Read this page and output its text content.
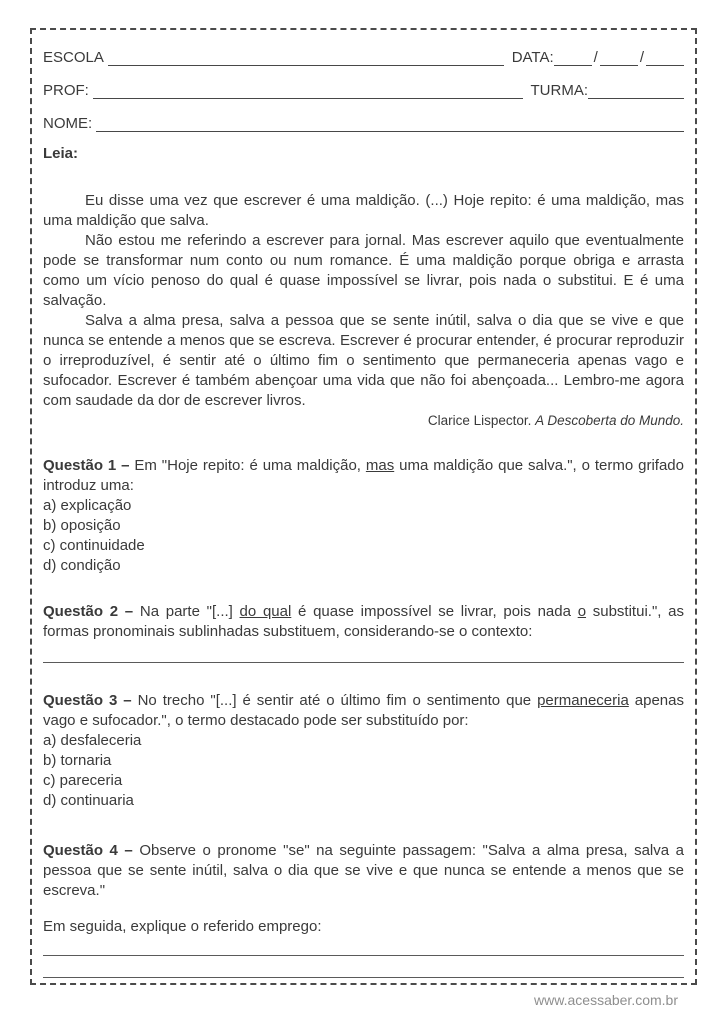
ESCOLA	DATA:	/	/
PROF:	TURMA:
NOME:

Leia:

Eu disse uma vez que escrever é uma maldição. (...) Hoje repito: é uma maldição, mas uma maldição que salva.

Não estou me referindo a escrever para jornal. Mas escrever aquilo que eventualmente pode se transformar num conto ou num romance. É uma maldição porque obriga e arrasta como um vício penoso do qual é quase impossível se livrar, pois nada o substitui. E é uma salvação.

Salva a alma presa, salva a pessoa que se sente inútil, salva o dia que se vive e que nunca se entende a menos que se escreva. Escrever é procurar entender, é procurar reproduzir o irreproduzível, é sentir até o último fim o sentimento que permaneceria apenas vago e sufocador. Escrever é também abençoar uma vida que não foi abençoada... Lembro-me agora com saudade da dor de escrever livros.

Clarice Lispector. A Descoberta do Mundo.

Questão 1 – Em "Hoje repito: é uma maldição, mas uma maldição que salva.", o termo grifado introduz uma:

a) explicação
b) oposição
c) continuidade
d) condição

Questão 2 – Na parte "[...] do qual é quase impossível se livrar, pois nada o substitui.", as formas pronominais sublinhadas substituem, considerando-se o contexto:

Questão 3 – No trecho "[...] é sentir até o último fim o sentimento que permaneceria apenas vago e sufocador.", o termo destacado pode ser substituído por:

a) desfaleceria
b) tornaria
c) pareceria
d) continuaria

Questão 4 – Observe o pronome "se" na seguinte passagem: "Salva a alma presa, salva a pessoa que se sente inútil, salva o dia que se vive e que nunca se entende a menos que se escreva."

Em seguida, explique o referido emprego:
www.acessaber.com.br
